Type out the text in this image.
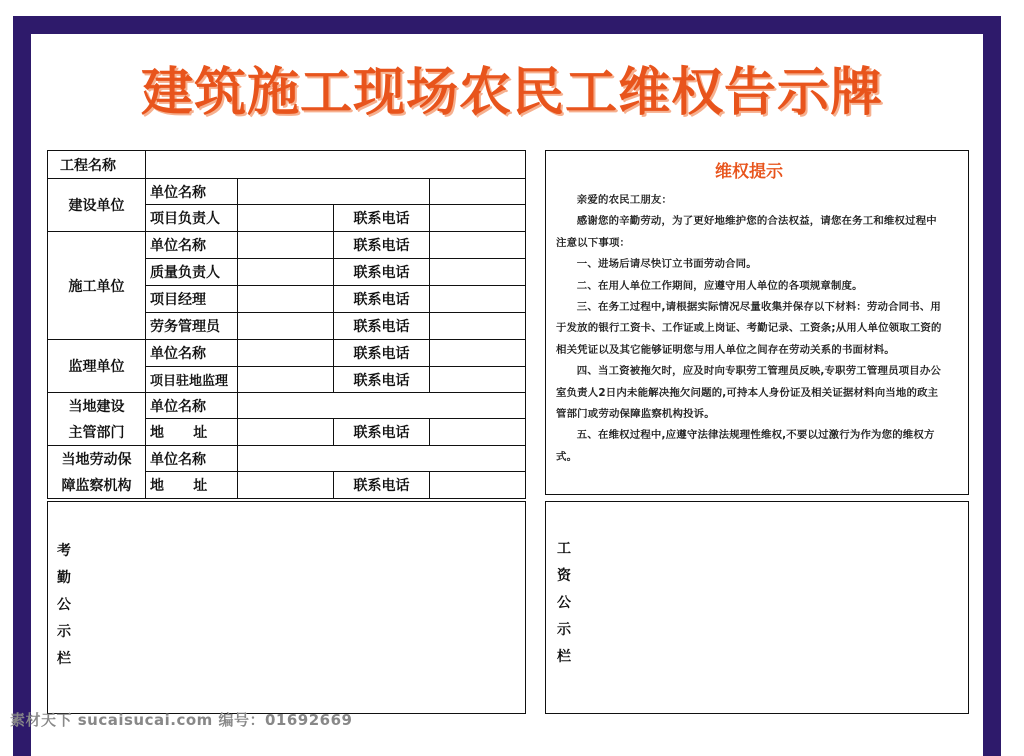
建筑施工现场农民工维权告示牌
工程名称				
建设单位	单位名称			
	项目负责人		联系电话	
施工单位	单位名称		联系电话	
	质量负责人		联系电话	
	项目经理		联系电话	
	劳务管理员		联系电话	
监理单位	单位名称		联系电话	
	项目驻地监理		联系电话	
当地建设	单位名称			
主管部门	地      址		联系电话	
当地劳动保	单位名称			
障监察机构	地      址		联系电话	
维权提示

亲爱的农民工朋友：

感谢您的辛勤劳动，为了更好地维护您的合法权益，请您在务工和维权过程中注意以下事项：

一、进场后请尽快订立书面劳动合同。

二、在用人单位工作期间，应遵守用人单位的各项规章制度。

三、在务工过程中,请根据实际情况尽量收集并保存以下材料：劳动合同书、用于发放的银行工资卡、工作证或上岗证、考勤记录、工资条;从用人单位领取工资的相关凭证以及其它能够证明您与用人单位之间存在劳动关系的书面材料。

四、当工资被拖欠时，应及时向专职劳工管理员反映,专职劳工管理员项目办公室负责人2日内未能解决拖欠问题的,可持本人身份证及相关证据材料向当地的政主管部门或劳动保障监察机构投诉。

五、在维权过程中,应遵守法律法规理性维权,不要以过激行为作为您的维权方式。

考
勤
公
示
栏
工
资
公
示
栏
素材天下 sucaisucai.com 编号：01692669
